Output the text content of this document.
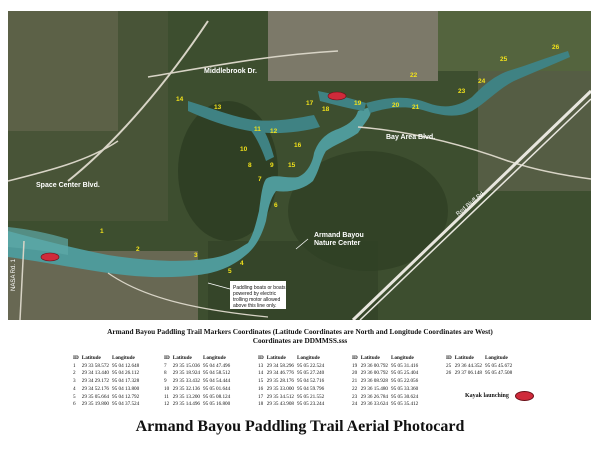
Middlebrook Dr.
Space Center Blvd.
Bay Area Blvd.
Red Bluff Rd.
NASA Rd. 1
Armand Bayou
Nature Center
Paddling boats or boats
powered by electric
trolling motor allowed
above this line only.
1
2
3
4
5
6
7
8	9
10
11 12
13
14
15
16
17
18
19	20 21
22
23
24
25
26
Armand Bayou Paddling Trail Markers Coordinates (Latitude Coordinates are North and Longitude Coordinates are West)
Coordinates are DDMMSS.sss
ID	Latitude	Longitude
1	29 33 58.572	95 04 12.648
2	29 34 13.440	95 04 26.112
3	29 34 29.172	95 04 17.328
4	29 34 52.176	95 04 13.800
5	29 35 05.664	95 04 12.792
6	29 35 19.800	95 04 37.524
ID	Latitude	Longitude
7	29 35 15.036	95 04 47.496
8	29 35 18.924	95 04 58.512
9	29 35 33.432	95 04 54.444
10	29 35 32.136	95 05 01.644
11	29 35 13.200	95 05 08.124
12	29 35 14.496	95 05 16.800
ID	Latitude	Longitude
13	29 34 58.296	95 05 22.524
14	29 34 46.776	95 05 27.240
15	29 35 28.176	95 04 52.716
16	29 35 33.000	95 04 59.796
17	29 35 34.512	95 05 21.552
18	29 35 43.908	95 05 23.244
ID	Latitude	Longitude
19	29 36 00.792	95 05 31.416
20	29 36 00.792	95 05 25.404
21	29 36 08.928	95 05 22.056
22	29 36 15.480	95 05 33.360
23	29 36 26.784	95 05 30.624
24	29 36 33.624	95 05 35.412
ID	Latitude	Longitude
25	29 36 44.352	95 05 45.672
26	29 37 06.148	95 05 47.508
Kayak launching
Armand Bayou Paddling Trail Aerial Photocard
